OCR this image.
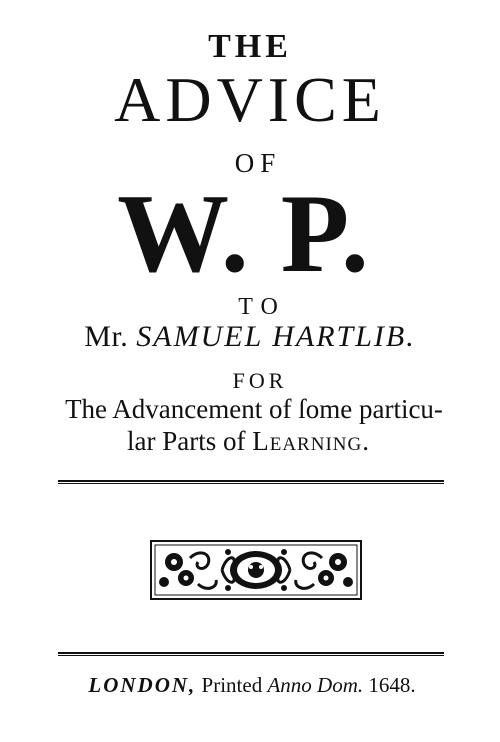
THE
ADVICE
OF
W. P.
TO
Mr. SAMUEL HARTLIB.
FOR
The Advancement of ſome particu-
lar Parts of Learning.
LONDON, Printed Anno Dom. 1648.
